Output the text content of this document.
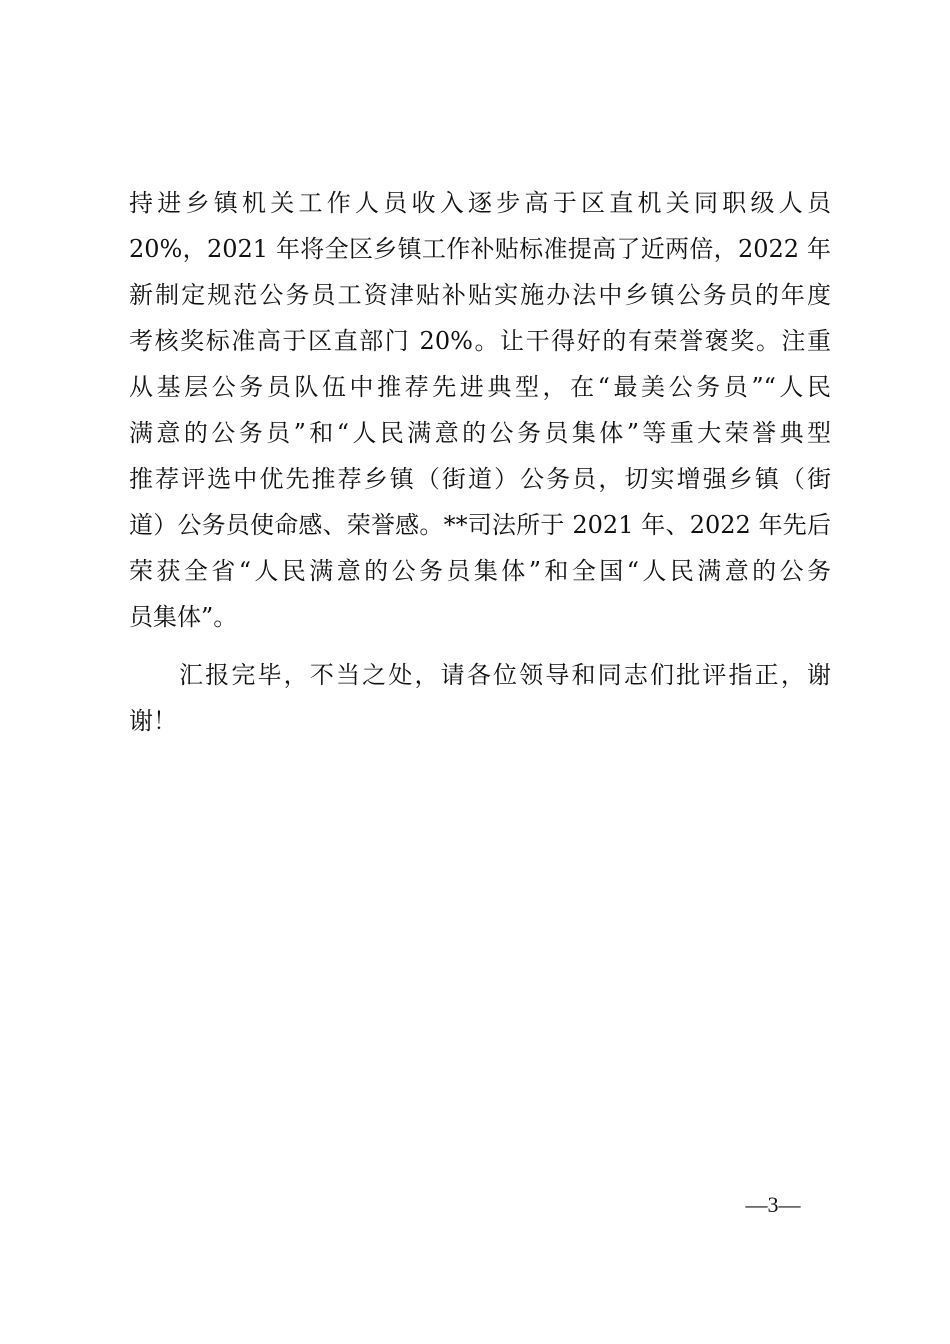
持进乡镇机关工作人员收入逐步高于区直机关同职级人员
20%，2021 年将全区乡镇工作补贴标准提高了近两倍，2022 年
新制定规范公务员工资津贴补贴实施办法中乡镇公务员的年度
考核奖标准高于区直部门 20%。让干得好的有荣誉褒奖。注重
从基层公务员队伍中推荐先进典型，在“最美公务员”“人民
满意的公务员”和“人民满意的公务员集体”等重大荣誉典型
推荐评选中优先推荐乡镇（街道）公务员，切实增强乡镇（街
道）公务员使命感、荣誉感。**司法所于 2021 年、2022 年先后
荣获全省“人民满意的公务员集体”和全国“人民满意的公务
员集体”。
汇报完毕，不当之处，请各位领导和同志们批评指正，谢
谢！
—3—
